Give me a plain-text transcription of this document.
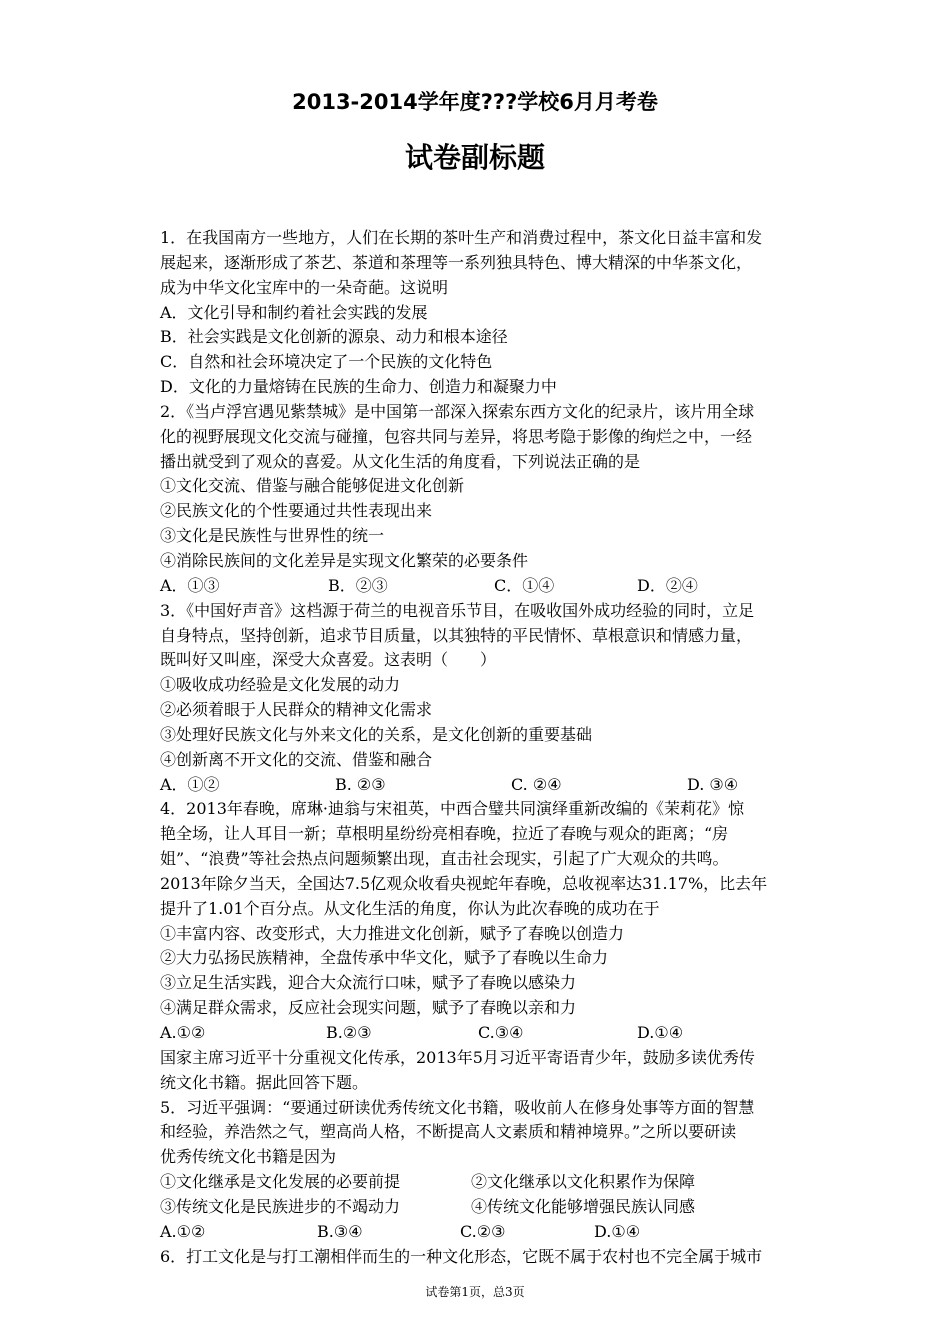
2013-2014学年度???学校6月月考卷
试卷副标题
1．在我国南方一些地方，人们在长期的茶叶生产和消费过程中，茶文化日益丰富和发
展起来，逐渐形成了茶艺、茶道和茶理等一系列独具特色、博大精深的中华茶文化，
成为中华文化宝库中的一朵奇葩。这说明
A．文化引导和制约着社会实践的发展
B．社会实践是文化创新的源泉、动力和根本途径
C．自然和社会环境决定了一个民族的文化特色
D．文化的力量熔铸在民族的生命力、创造力和凝聚力中
2．《当卢浮宫遇见紫禁城》是中国第一部深入探索东西方文化的纪录片，该片用全球
化的视野展现文化交流与碰撞，包容共同与差异，将思考隐于影像的绚烂之中，一经
播出就受到了观众的喜爱。从文化生活的角度看，下列说法正确的是
①文化交流、借鉴与融合能够促进文化创新
②民族文化的个性要通过共性表现出来
③文化是民族性与世界性的统一
④消除民族间的文化差异是实现文化繁荣的必要条件
A．①③	B．②③	C．①④	D．②④
3．《中国好声音》这档源于荷兰的电视音乐节目，在吸收国外成功经验的同时，立足
自身特点，坚持创新，追求节目质量，以其独特的平民情怀、草根意识和情感力量，
既叫好又叫座，深受大众喜爱。这表明（　　）
①吸收成功经验是文化发展的动力
②必须着眼于人民群众的精神文化需求
③处理好民族文化与外来文化的关系，是文化创新的重要基础
④创新离不开文化的交流、借鉴和融合
A．①②	B. ②③	C. ②④	D. ③④
4．2013年春晚，席琳·迪翁与宋祖英，中西合璧共同演绎重新改编的《茉莉花》惊
艳全场，让人耳目一新；草根明星纷纷亮相春晚，拉近了春晚与观众的距离；“房
姐”、“浪费”等社会热点问题频繁出现，直击社会现实，引起了广大观众的共鸣。
2013年除夕当天，全国达7.5亿观众收看央视蛇年春晚，总收视率达31.17%，比去年
提升了1.01个百分点。从文化生活的角度，你认为此次春晚的成功在于
①丰富内容、改变形式，大力推进文化创新，赋予了春晚以创造力
②大力弘扬民族精神，全盘传承中华文化，赋予了春晚以生命力
③立足生活实践，迎合大众流行口味，赋予了春晚以感染力
④满足群众需求，反应社会现实问题，赋予了春晚以亲和力
A.①②	B.②③	C.③④	D.①④
国家主席习近平十分重视文化传承，2013年5月习近平寄语青少年，鼓励多读优秀传
统文化书籍。据此回答下题。
5．习近平强调：“要通过研读优秀传统文化书籍，吸收前人在修身处事等方面的智慧
和经验，养浩然之气，塑高尚人格，不断提高人文素质和精神境界。”之所以要研读
优秀传统文化书籍是因为
①文化继承是文化发展的必要前提	②文化继承以文化积累作为保障
③传统文化是民族进步的不竭动力	④传统文化能够增强民族认同感
A.①②	B.③④	C.②③	D.①④
6．打工文化是与打工潮相伴而生的一种文化形态，它既不属于农村也不完全属于城市
试卷第1页，总3页
